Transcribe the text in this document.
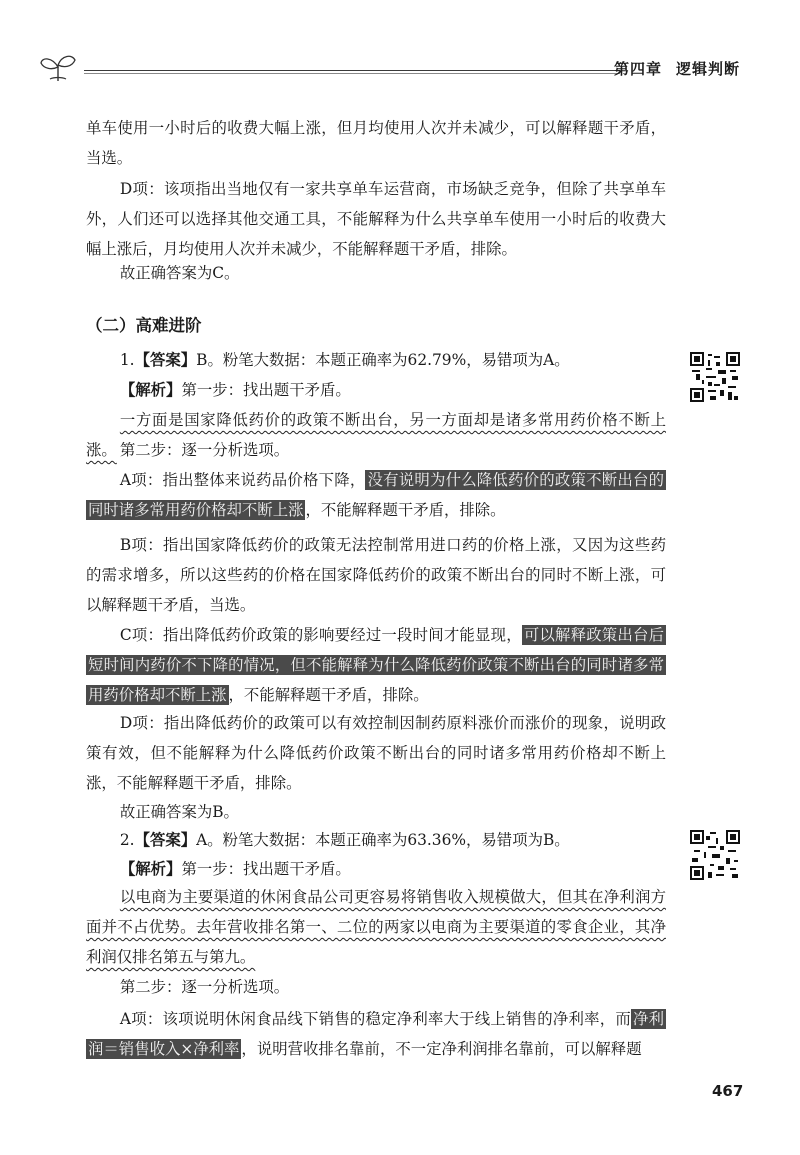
第四章 逻辑判断
单车使用一小时后的收费大幅上涨，但月均使用人次并未减少，可以解释题干矛盾，当选。
D项：该项指出当地仅有一家共享单车运营商，市场缺乏竞争，但除了共享单车外，人们还可以选择其他交通工具，不能解释为什么共享单车使用一小时后的收费大幅上涨后，月均使用人次并未减少，不能解释题干矛盾，排除。
故正确答案为C。
（二）高难进阶
1.【答案】B。粉笔大数据：本题正确率为62.79%，易错项为A。
【解析】第一步：找出题干矛盾。
一方面是国家降低药价的政策不断出台，另一方面却是诸多常用药价格不断上涨。 第二步：逐一分析选项。
A项：指出整体来说药品价格下降， 没有说明为什么降低药价的政策不断出台的同时诸多常用药价格却不断上涨 ，不能解释题干矛盾，排除。
B项：指出国家降低药价的政策无法控制常用进口药的价格上涨，又因为这些药的需求增多，所以这些药的价格在国家降低药价的政策不断出台的同时不断上涨，可以解释题干矛盾，当选。
C项：指出降低药价政策的影响要经过一段时间才能显现， 可以解释政策出台后短时间内药价不下降的情况，但不能解释为什么降低药价政策不断出台的同时诸多常用药价格却不断上涨 ，不能解释题干矛盾，排除。
D项：指出降低药价的政策可以有效控制因制药原料涨价而涨价的现象，说明政策有效，但不能解释为什么降低药价政策不断出台的同时诸多常用药价格却不断上涨，不能解释题干矛盾，排除。
故正确答案为B。
2.【答案】A。粉笔大数据：本题正确率为63.36%，易错项为B。
【解析】第一步：找出题干矛盾。
以电商为主要渠道的休闲食品公司更容易将销售收入规模做大，但其在净利润方面并不占优势。去年营收排名第一、二位的两家以电商为主要渠道的零食企业，其净利润仅排名第五与第九。
第二步：逐一分析选项。
A项：该项说明休闲食品线下销售的稳定净利率大于线上销售的净利率，而 净利润＝销售收入×净利率 ，说明营收排名靠前，不一定净利润排名靠前，可以解释题
467
